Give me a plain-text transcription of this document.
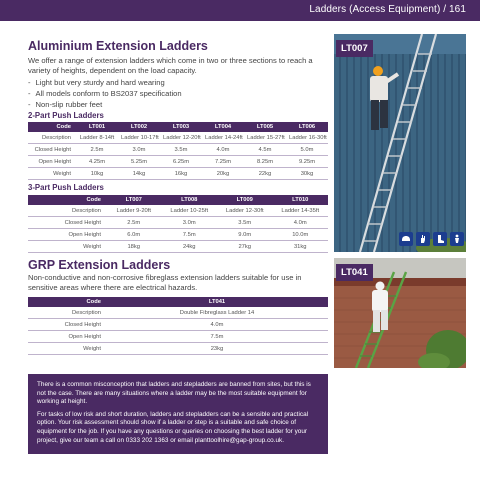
Ladders (Access Equipment) / 161
Aluminium Extension Ladders

We offer a range of extension ladders which come in two or three sections to reach a variety of heights, dependent on the load capacity.

- Light but very sturdy and hard wearing
- All models conform to BS2037 specification
- Non-slip rubber feet
2-Part Push Ladders
Code	LT001	LT002	LT003	LT004	LT005	LT006
Description	Ladder 8-14ft	Ladder 10-17ft	Ladder 12-20ft	Ladder 14-24ft	Ladder 15-27ft	Ladder 16-30ft
Closed Height	2.5m	3.0m	3.5m	4.0m	4.5m	5.0m
Open Height	4.25m	5.25m	6.25m	7.25m	8.25m	9.25m
Weight	10kg	14kg	16kg	20kg	22kg	30kg
3-Part Push Ladders
Code	LT007	LT008	LT009	LT010
Description	Ladder 9-20ft	Ladder 10-25ft	Ladder 12-30ft	Ladder 14-35ft
Closed Height	2.5m	3.0m	3.5m	4.0m
Open Height	6.0m	7.5m	9.0m	10.0m
Weight	18kg	24kg	27kg	31kg
GRP Extension Ladders

Non-conductive and non-corrosive fibreglass extension ladders suitable for use in sensitive areas where there are electrical hazards.

Code	LT041
Description	Double Fibreglass Ladder 14
Closed Height	4.0m
Open Height	7.5m
Weight	23kg

There is a common misconception that ladders and stepladders are banned from sites, but this is not the case. There are many situations where a ladder may be the most suitable equipment for working at height.

For tasks of low risk and short duration, ladders and stepladders can be a sensible and practical option. Your risk assessment should show if a ladder or step is a suitable and safe choice of equipment for the job. If you have any questions or queries on choosing the best ladder for your project, give our team a call on 0333 202 1363 or email planttoolhire@gap-group.co.uk.

LT007
LT041
